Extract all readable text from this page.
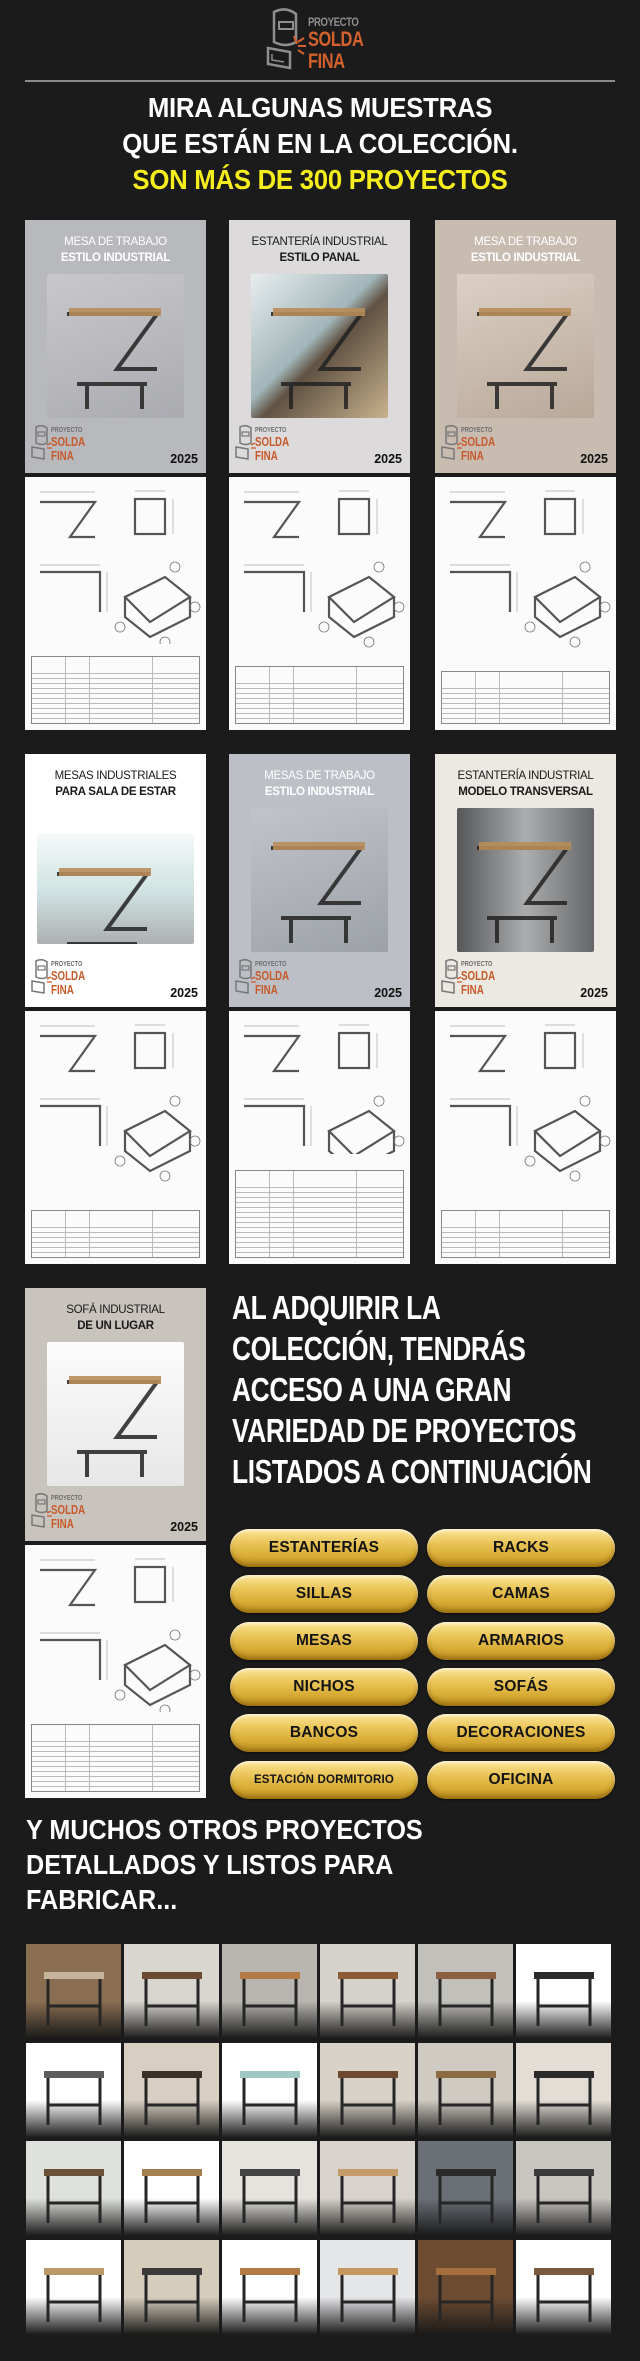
PROYECTO
SOLDA
FINA
MIRA ALGUNAS MUESTRAS
QUE ESTÁN EN LA COLECCIÓN.
SON MÁS DE 300 PROYECTOS
MESA DE TRABAJO
ESTILO INDUSTRIAL
PROYECTO
SOLDA
FINA	2025
ESTANTERÍA INDUSTRIAL
ESTILO PANAL
PROYECTO
SOLDA
FINA	2025
MESA DE TRABAJO
ESTILO INDUSTRIAL
PROYECTO
SOLDA
FINA	2025
MESAS INDUSTRIALES
PARA SALA DE ESTAR
PROYECTO
SOLDA
FINA	2025
MESAS DE TRABAJO
ESTILO INDUSTRIAL
PROYECTO
SOLDA
FINA	2025
ESTANTERÍA INDUSTRIAL
MODELO TRANSVERSAL
PROYECTO
SOLDA
FINA	2025
SOFÁ INDUSTRIAL
DE UN LUGAR
PROYECTO
SOLDA
FINA	2025
AL ADQUIRIR LA
COLECCIÓN, TENDRÁS
ACCESO A UNA GRAN
VARIEDAD DE PROYECTOS
LISTADOS A CONTINUACIÓN
ESTANTERÍAS	RACKS
SILLAS	CAMAS
MESAS	ARMARIOS
NICHOS	SOFÁS
BANCOS	DECORACIONES
ESTACIÓN DORMITORIO	OFICINA
Y MUCHOS OTROS PROYECTOS
DETALLADOS Y LISTOS PARA
FABRICAR...
